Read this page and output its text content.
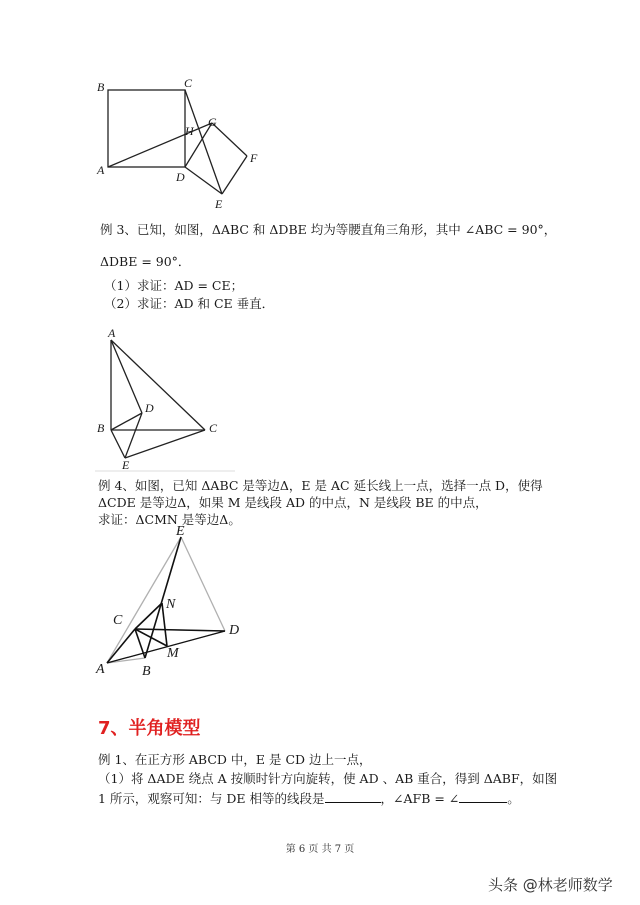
B	C
H
G
F
A	D
E
例 3、已知，如图，ΔABC 和 ΔDBE 均为等腰直角三角形，其中 ∠ABC = 90°，
ΔDBE = 90°．
（1）求证：AD = CE；
（2）求证：AD 和 CE 垂直．
A
D
B	C
E
例 4、如图，已知 ΔABC 是等边Δ，E 是 AC 延长线上一点，选择一点 D，使得
ΔCDE 是等边Δ，如果 M 是线段 AD 的中点，N 是线段 BE 的中点，
求证：ΔCMN 是等边Δ。
E
N
C
D
M
A	B
7、半角模型
例 1、在正方形 ABCD 中，E 是 CD 边上一点，
（1）将 ΔADE 绕点 A 按顺时针方向旋转，使 AD 、AB 重合，得到 ΔABF，如图
1 所示，观察可知：与 DE 相等的线段是	，∠AFB = ∠	。
第 6 页 共 7 页
头条 @林老师数学
